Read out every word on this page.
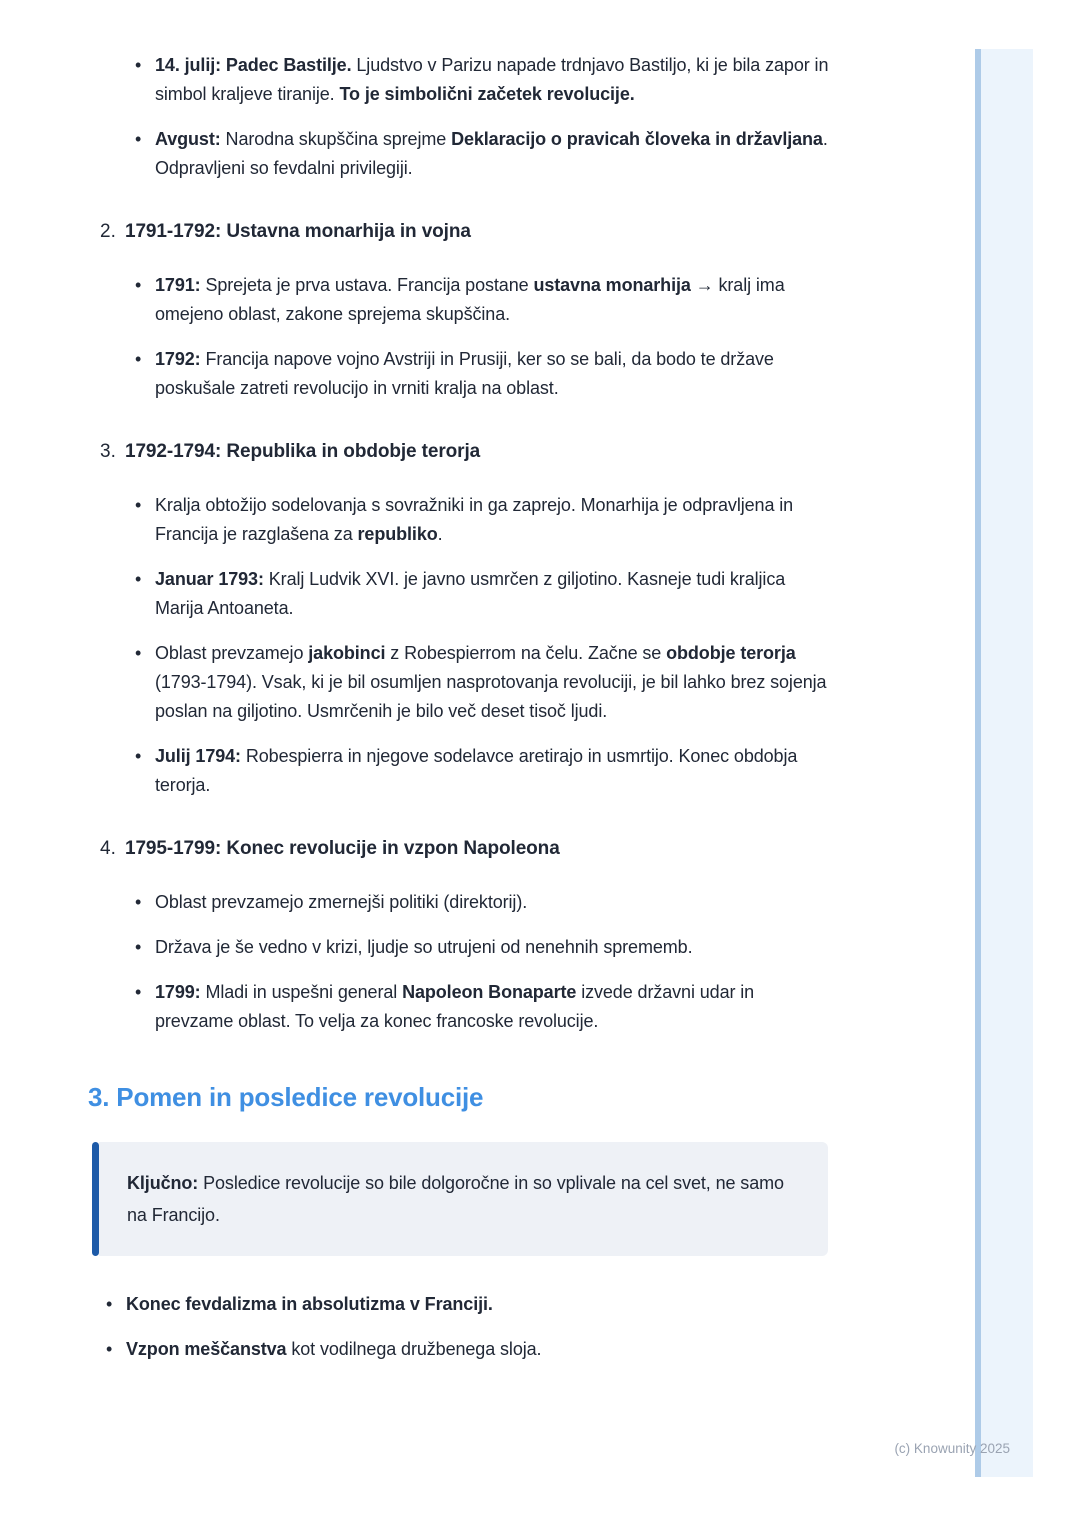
• 14. julij: Padec Bastilje. Ljudstvo v Parizu napade trdnjavo Bastiljo, ki je bila zapor in simbol kraljeve tiranije. To je simbolični začetek revolucije.
• Avgust: Narodna skupščina sprejme Deklaracijo o pravicah človeka in državljana. Odpravljeni so fevdalni privilegiji.
2. 1791-1792: Ustavna monarhija in vojna
• 1791: Sprejeta je prva ustava. Francija postane ustavna monarhija → kralj ima omejeno oblast, zakone sprejema skupščina.
• 1792: Francija napove vojno Avstriji in Prusiji, ker so se bali, da bodo te države poskušale zatreti revolucijo in vrniti kralja na oblast.
3. 1792-1794: Republika in obdobje terorja
• Kralja obtožijo sodelovanja s sovražniki in ga zaprejo. Monarhija je odpravljena in Francija je razglašena za republiko.
• Januar 1793: Kralj Ludvik XVI. je javno usmrčen z giljotino. Kasneje tudi kraljica Marija Antoaneta.
• Oblast prevzamejo jakobinci z Robespierrom na čelu. Začne se obdobje terorja (1793-1794). Vsak, ki je bil osumljen nasprotovanja revoluciji, je bil lahko brez sojenja poslan na giljotino. Usmrčenih je bilo več deset tisoč ljudi.
• Julij 1794: Robespierra in njegove sodelavce aretirajo in usmrtijo. Konec obdobja terorja.
4. 1795-1799: Konec revolucije in vzpon Napoleona
• Oblast prevzamejo zmernejši politiki (direktorij).
• Država je še vedno v krizi, ljudje so utrujeni od nenehnih sprememb.
• 1799: Mladi in uspešni general Napoleon Bonaparte izvede državni udar in prevzame oblast. To velja za konec francoske revolucije.
3. Pomen in posledice revolucije

Ključno: Posledice revolucije so bile dolgoročne in so vplivale na cel svet, ne samo na Francijo.

• Konec fevdalizma in absolutizma v Franciji.
• Vzpon meščanstva kot vodilnega družbenega sloja.
(c) Knowunity 2025
